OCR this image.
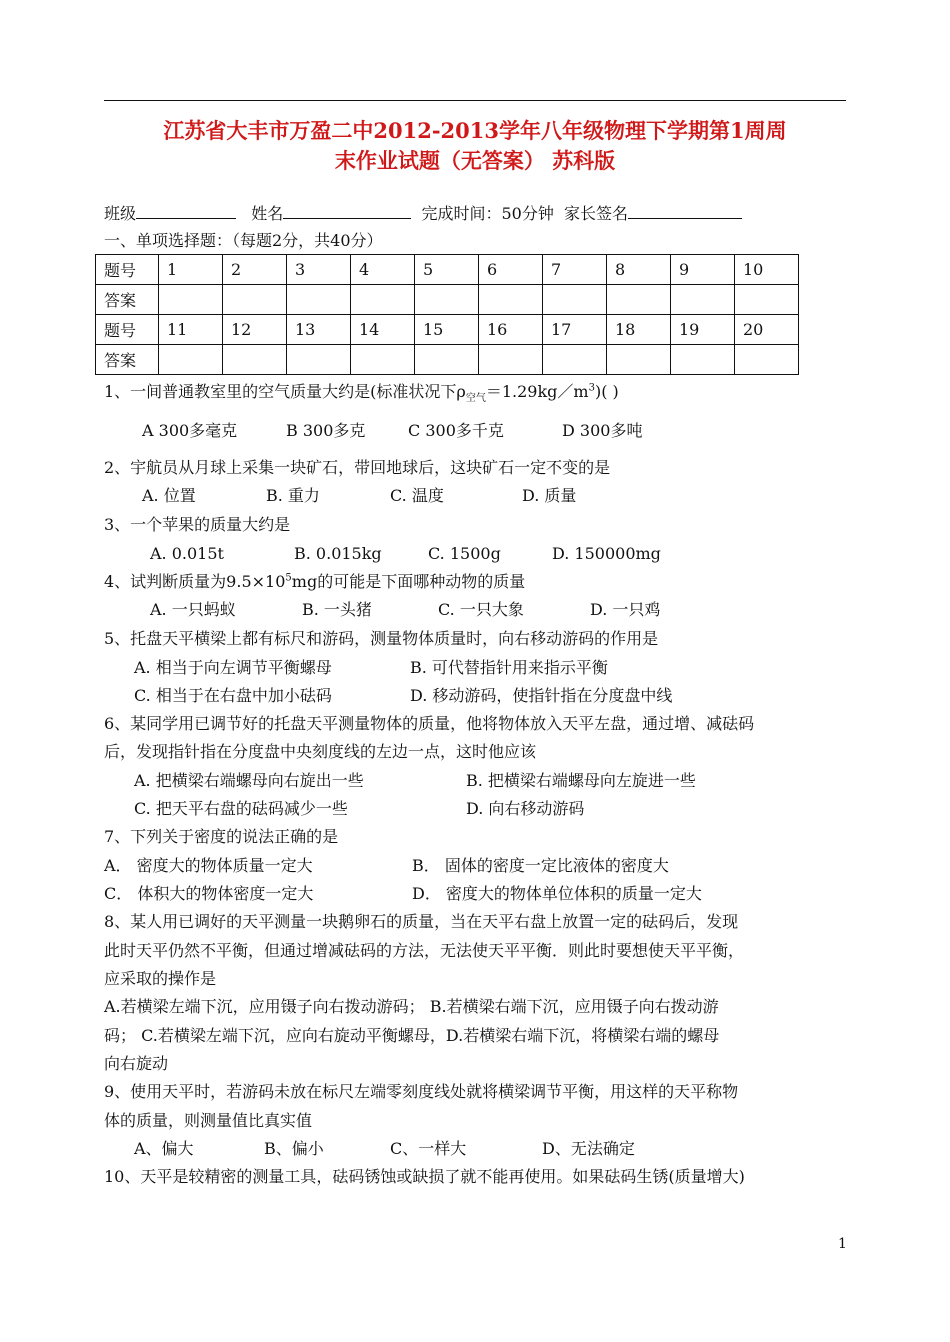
江苏省大丰市万盈二中2012-2013学年八年级物理下学期第1周周
末作业试题（无答案） 苏科版
班级	姓名	完成时间：50分钟 家长签名
一、单项选择题：（每题2分，共40分）
题号	1	2	3	4	5	6	7	8	9	10
答案										
题号	11	12	13	14	15	16	17	18	19	20
答案										
1、一间普通教室里的空气质量大约是(标准状况下$\rho_{空气}=1.29kg/m^3$)( )
A 300多毫克	B 300多克	C 300多千克	D 300多吨
2、宇航员从月球上采集一块矿石，带回地球后，这块矿石一定不变的是
A. 位置	B. 重力	C. 温度	D. 质量
3、一个苹果的质量大约是
A. 0.015t	B. 0.015kg	C. 1500g	D. 150000mg
4、试判断质量为$9.5\times 10^5mg$的可能是下面哪种动物的质量
A. 一只蚂蚁	B. 一头猪	C. 一只大象	D. 一只鸡
5、托盘天平横梁上都有标尺和游码，测量物体质量时，向右移动游码的作用是
A. 相当于向左调节平衡螺母	B. 可代替指针用来指示平衡
C. 相当于在右盘中加小砝码	D. 移动游码，使指针指在分度盘中线
6、某同学用已调节好的托盘天平测量物体的质量，他将物体放入天平左盘，通过增、减砝码
后，发现指针指在分度盘中央刻度线的左边一点，这时他应该
A. 把横梁右端螺母向右旋出一些	B. 把横梁右端螺母向左旋进一些
C. 把天平右盘的砝码减少一些	D. 向右移动游码
7、下列关于密度的说法正确的是
A． 密度大的物体质量一定大	B． 固体的密度一定比液体的密度大
C． 体积大的物体密度一定大	D． 密度大的物体单位体积的质量一定大
8、某人用已调好的天平测量一块鹅卵石的质量，当在天平右盘上放置一定的砝码后，发现
此时天平仍然不平衡，但通过增减砝码的方法，无法使天平平衡．则此时要想使天平平衡，
应采取的操作是
A.若横梁左端下沉，应用镊子向右拨动游码； B.若横梁右端下沉，应用镊子向右拨动游
码； C.若横梁左端下沉，应向右旋动平衡螺母，D.若横梁右端下沉，将横梁右端的螺母
向右旋动
9、使用天平时，若游码未放在标尺左端零刻度线处就将横梁调节平衡，用这样的天平称物
体的质量，则测量值比真实值
A、偏大	B、偏小	C、一样大	D、无法确定
10、天平是较精密的测量工具，砝码锈蚀或缺损了就不能再使用。如果砝码生锈(质量增大)
1
